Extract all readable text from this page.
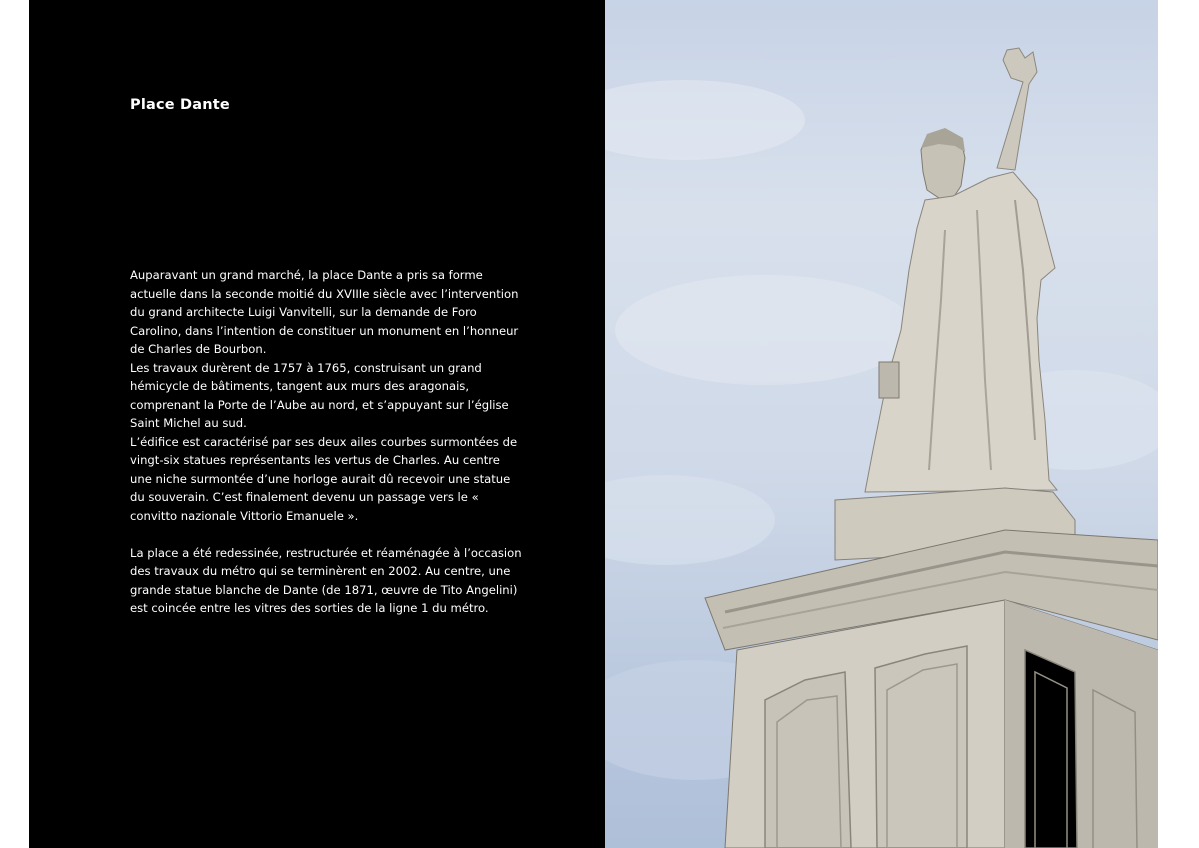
Place Dante

Auparavant un grand marché, la place Dante a pris sa forme actuelle dans la seconde moitié du XVIIIe siècle avec l’intervention du grand architecte Luigi Vanvitelli, sur la demande de Foro Carolino, dans l’intention de constituer un monument en l’honneur de Charles de Bourbon.

Les travaux durèrent de 1757 à 1765, construisant un grand hémicycle de bâtiments, tangent aux murs des aragonais, comprenant la Porte de l’Aube au nord, et s’appuyant sur l’église Saint Michel au sud.

L’édifice est caractérisé par ses deux ailes courbes surmontées de vingt-six statues représentants les vertus de Charles. Au centre une niche surmontée d’une horloge aurait dû recevoir une statue du souverain. C’est finalement devenu un passage vers le « convitto nazionale Vittorio Emanuele ».

La place a été redessinée, restructurée et réaménagée à l’occasion des travaux du métro qui se terminèrent en 2002. Au centre, une grande statue blanche de Dante (de 1871, œuvre de Tito Angelini) est coincée entre les vitres des sorties de la ligne 1 du métro.
